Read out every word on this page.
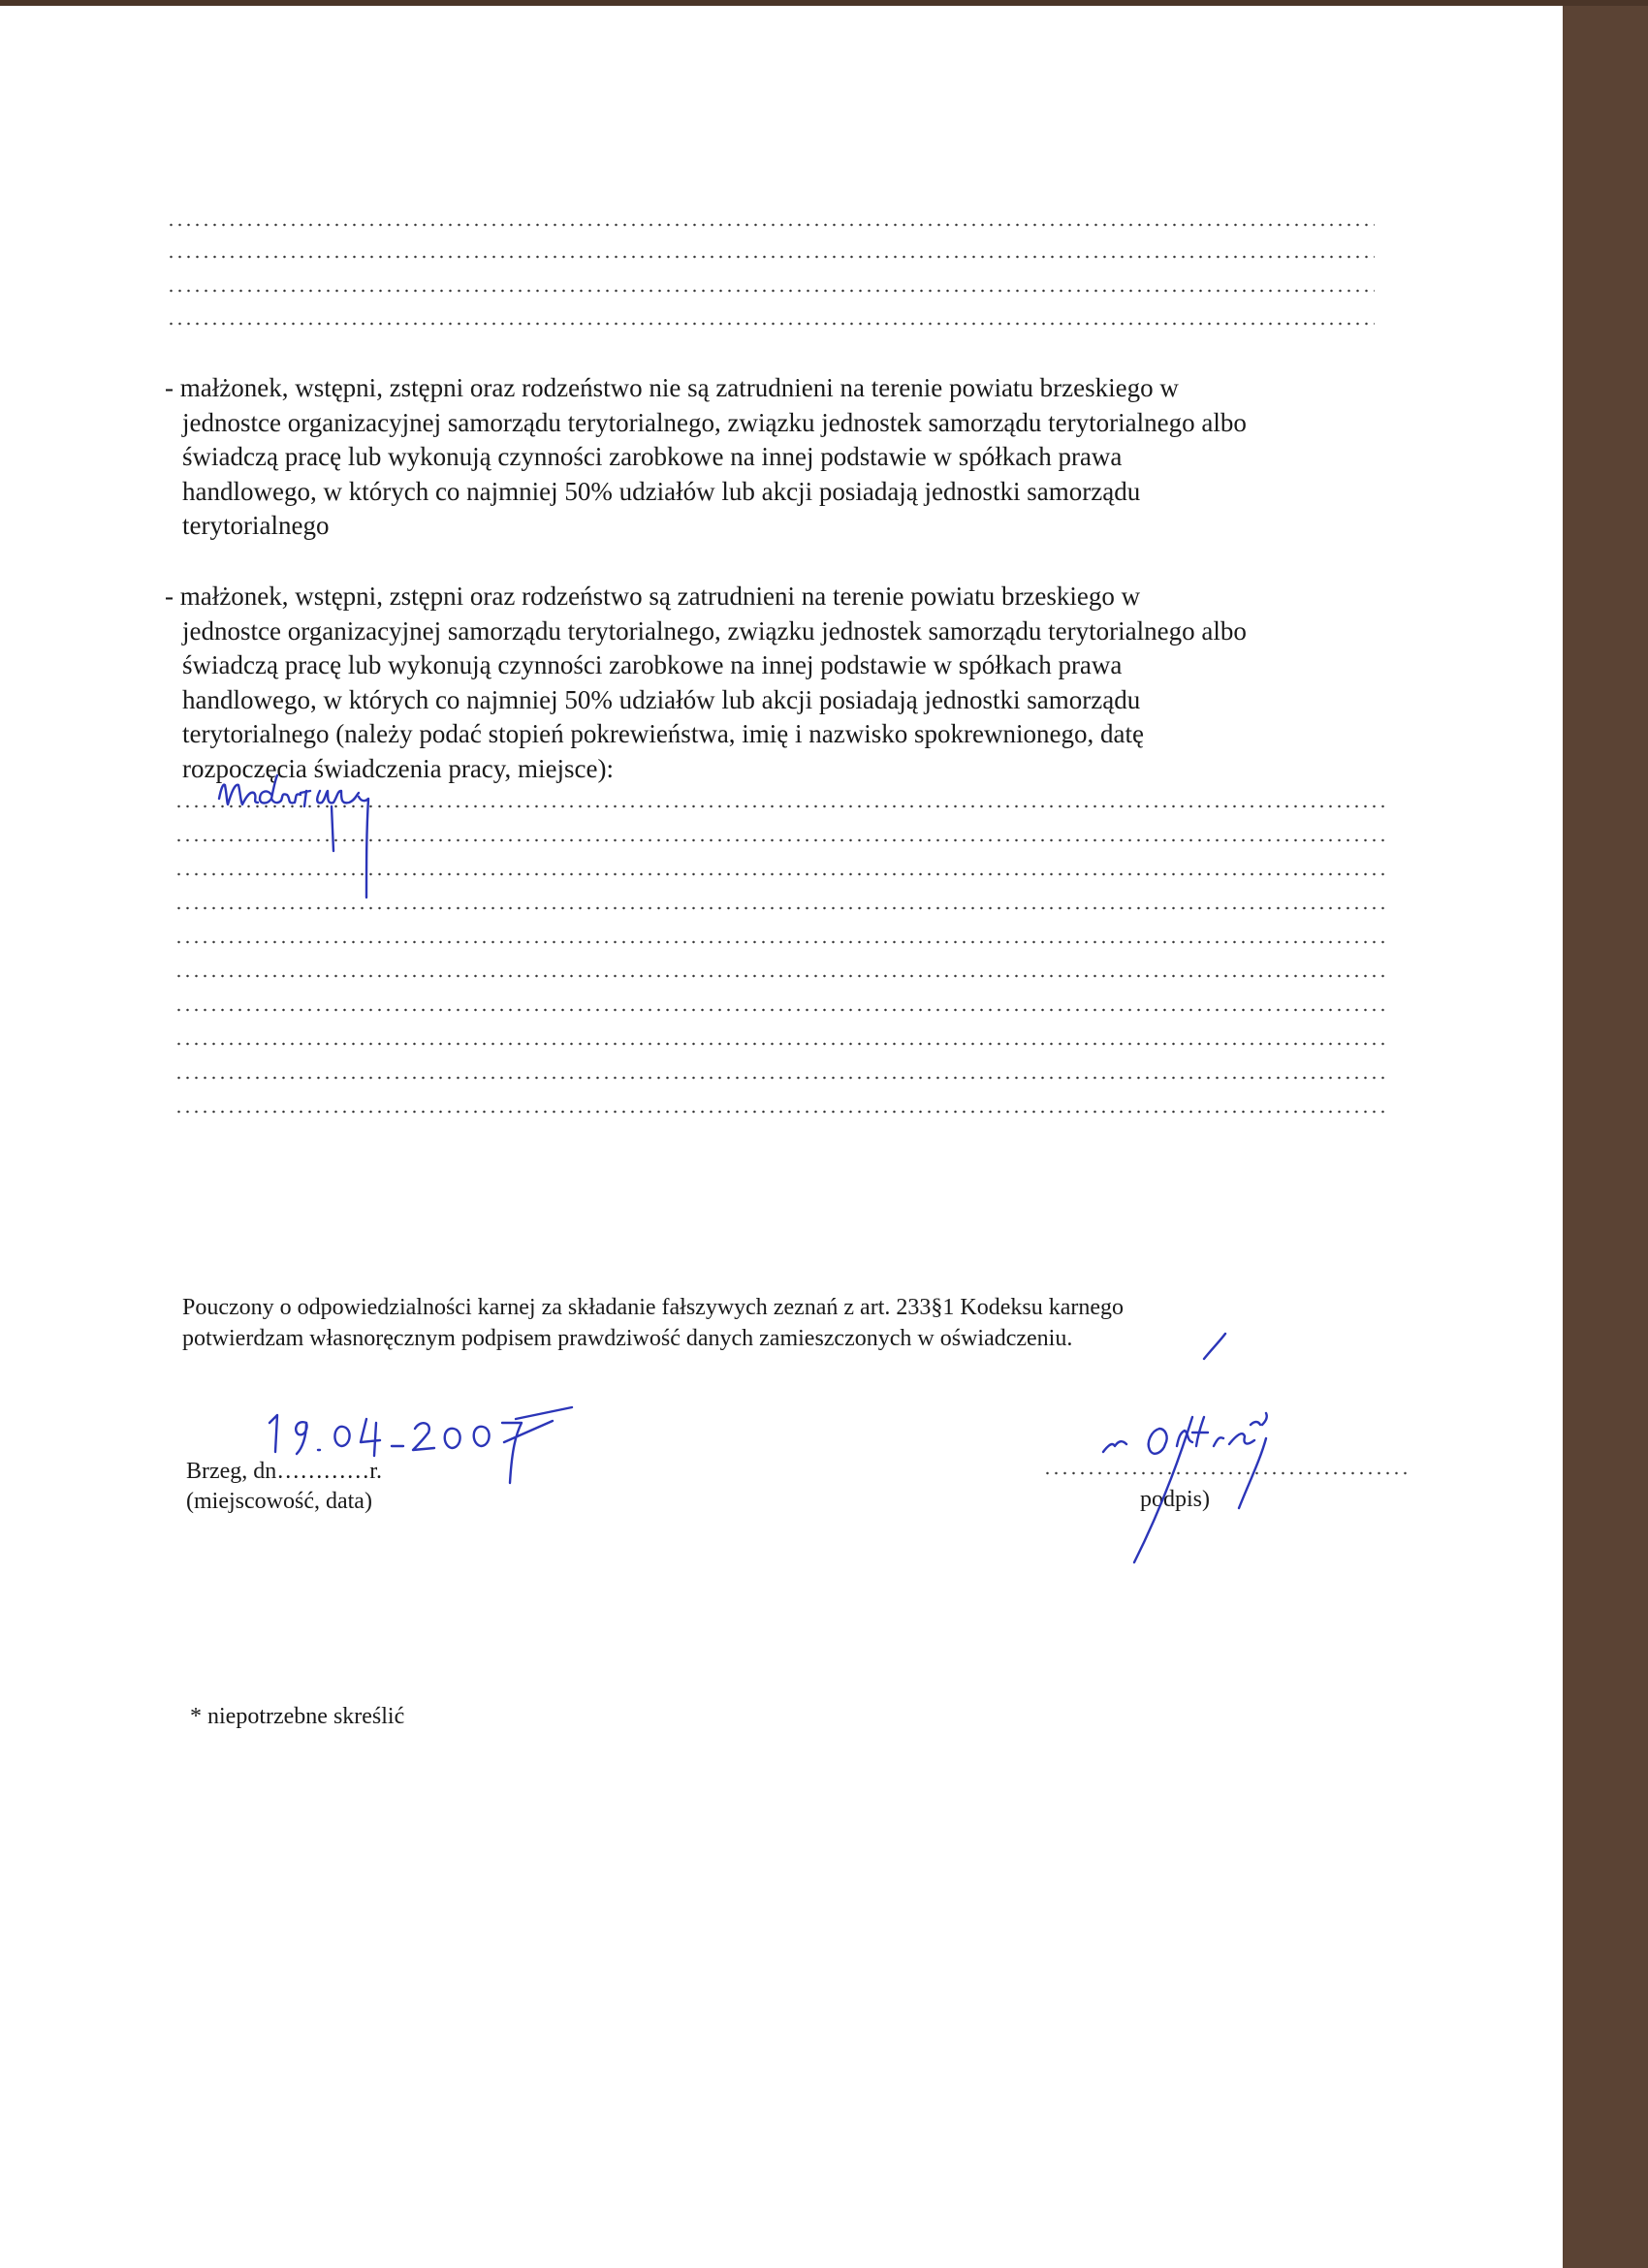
- małżonek, wstępni, zstępni oraz rodzeństwo nie są zatrudnieni na terenie powiatu brzeskiego w
jednostce organizacyjnej samorządu terytorialnego, związku jednostek samorządu terytorialnego albo
świadczą pracę lub wykonują czynności zarobkowe na innej podstawie w spółkach prawa
handlowego, w których co najmniej 50% udziałów lub akcji posiadają jednostki samorządu
terytorialnego
- małżonek, wstępni, zstępni oraz rodzeństwo są zatrudnieni na terenie powiatu brzeskiego w
jednostce organizacyjnej samorządu terytorialnego, związku jednostek samorządu terytorialnego albo
świadczą pracę lub wykonują czynności zarobkowe na innej podstawie w spółkach prawa
handlowego, w których co najmniej 50% udziałów lub akcji posiadają jednostki samorządu
terytorialnego (należy podać stopień pokrewieństwa, imię i nazwisko spokrewnionego, datę
rozpoczęcia świadczenia pracy, miejsce):
Pouczony o odpowiedzialności karnej za składanie fałszywych zeznań z art. 233§1 Kodeksu karnego
potwierdzam własnoręcznym podpisem prawdziwość danych zamieszczonych w oświadczeniu.
Brzeg, dn…………r.
(miejscowość, data)	podpis)
* niepotrzebne skreślić
